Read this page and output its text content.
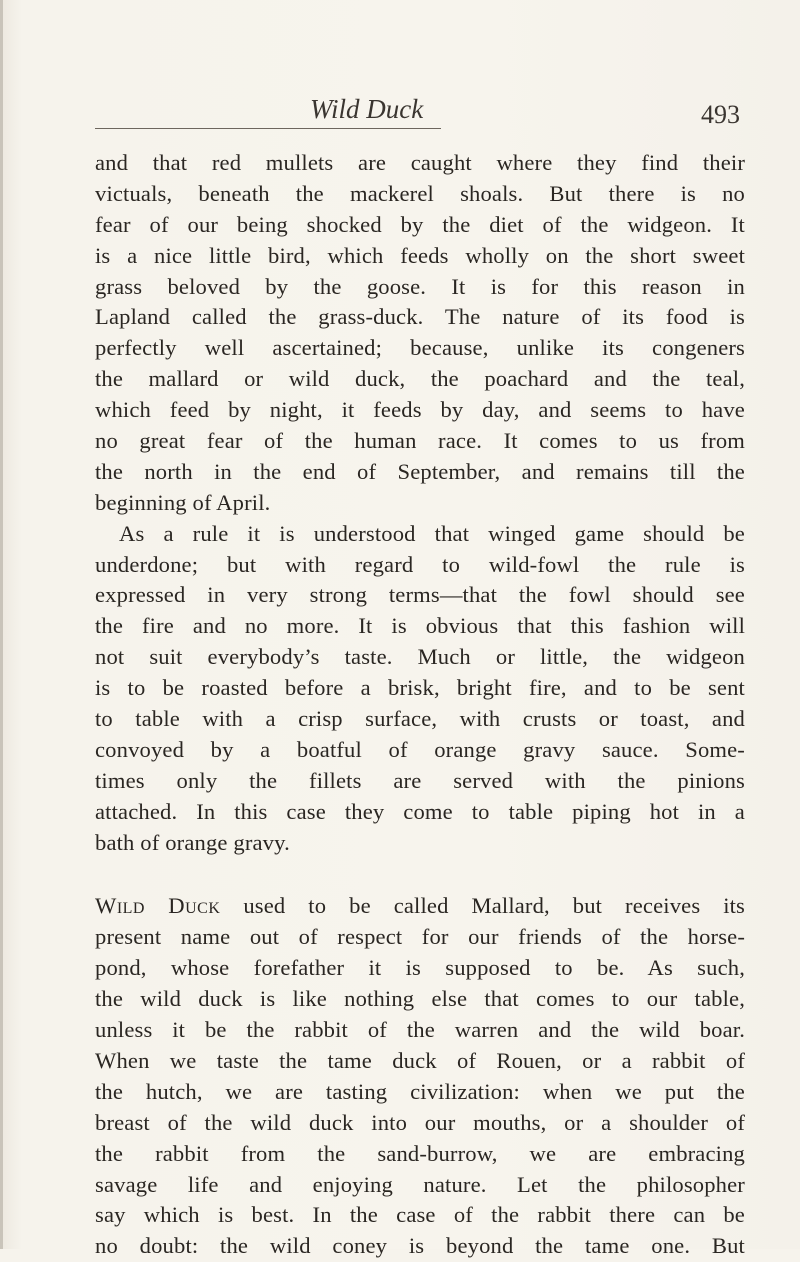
Wild Duck	493
and that red mullets are caught where they find their
victuals, beneath the mackerel shoals. But there is no
fear of our being shocked by the diet of the widgeon. It
is a nice little bird, which feeds wholly on the short sweet
grass beloved by the goose. It is for this reason in
Lapland called the grass-duck. The nature of its food is
perfectly well ascertained; because, unlike its congeners
the mallard or wild duck, the poachard and the teal,
which feed by night, it feeds by day, and seems to have
no great fear of the human race. It comes to us from
the north in the end of September, and remains till the
beginning of April.
As a rule it is understood that winged game should be
underdone; but with regard to wild-fowl the rule is
expressed in very strong terms—that the fowl should see
the fire and no more. It is obvious that this fashion will
not suit everybody’s taste. Much or little, the widgeon
is to be roasted before a brisk, bright fire, and to be sent
to table with a crisp surface, with crusts or toast, and
convoyed by a boatful of orange gravy sauce. Some-
times only the fillets are served with the pinions
attached. In this case they come to table piping hot in a
bath of orange gravy.
Wild Duck used to be called Mallard, but receives its
present name out of respect for our friends of the horse-
pond, whose forefather it is supposed to be. As such,
the wild duck is like nothing else that comes to our table,
unless it be the rabbit of the warren and the wild boar.
When we taste the tame duck of Rouen, or a rabbit of
the hutch, we are tasting civilization: when we put the
breast of the wild duck into our mouths, or a shoulder of
the rabbit from the sand-burrow, we are embracing
savage life and enjoying nature. Let the philosopher
say which is best. In the case of the rabbit there can be
no doubt: the wild coney is beyond the tame one. But
